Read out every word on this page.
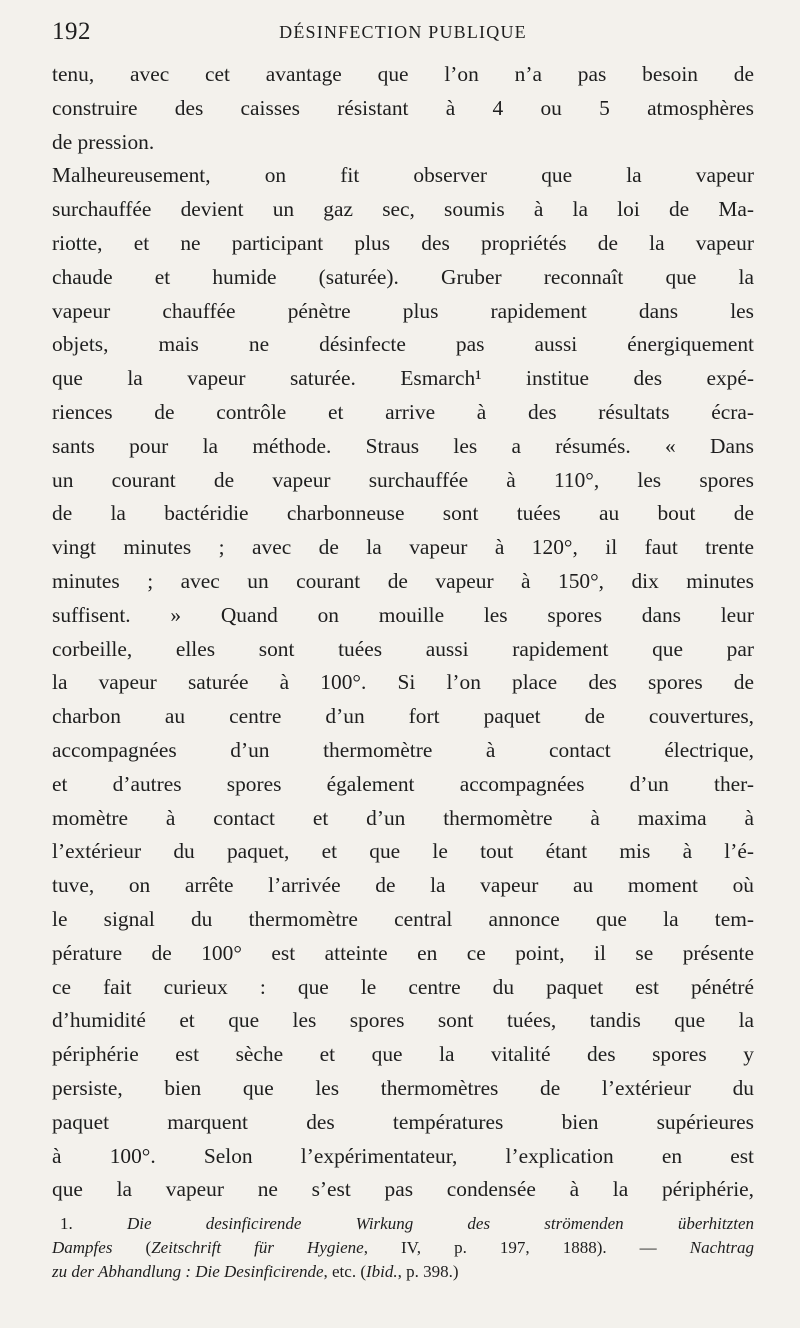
192	DÉSINFECTION PUBLIQUE
tenu, avec cet avantage que l’on n’a pas besoin de
construire des caisses résistant à 4 ou 5 atmosphères
de pression.
Malheureusement, on fit observer que la vapeur
surchauffée devient un gaz sec, soumis à la loi de Ma-
riotte, et ne participant plus des propriétés de la vapeur
chaude et humide (saturée). Gruber reconnaît que la
vapeur chauffée pénètre plus rapidement dans les
objets, mais ne désinfecte pas aussi énergiquement
que la vapeur saturée. Esmarch¹ institue des expé-
riences de contrôle et arrive à des résultats écra-
sants pour la méthode. Straus les a résumés. « Dans
un courant de vapeur surchauffée à 110°, les spores
de la bactéridie charbonneuse sont tuées au bout de
vingt minutes ; avec de la vapeur à 120°, il faut trente
minutes ; avec un courant de vapeur à 150°, dix minutes
suffisent. » Quand on mouille les spores dans leur
corbeille, elles sont tuées aussi rapidement que par
la vapeur saturée à 100°. Si l’on place des spores de
charbon au centre d’un fort paquet de couvertures,
accompagnées d’un thermomètre à contact électrique,
et d’autres spores également accompagnées d’un ther-
momètre à contact et d’un thermomètre à maxima à
l’extérieur du paquet, et que le tout étant mis à l’é-
tuve, on arrête l’arrivée de la vapeur au moment où
le signal du thermomètre central annonce que la tem-
pérature de 100° est atteinte en ce point, il se présente
ce fait curieux : que le centre du paquet est pénétré
d’humidité et que les spores sont tuées, tandis que la
périphérie est sèche et que la vitalité des spores y
persiste, bien que les thermomètres de l’extérieur du
paquet marquent des températures bien supérieures
à 100°. Selon l’expérimentateur, l’explication en est
que la vapeur ne s’est pas condensée à la périphérie,
1.	Die desinficirende Wirkung des strömenden überhitzten
Dampfes (Zeitschrift für Hygiene, IV, p. 197, 1888). — Nachtrag
zu der Abhandlung : Die Desinficirende, etc. (Ibid., p. 398.)
